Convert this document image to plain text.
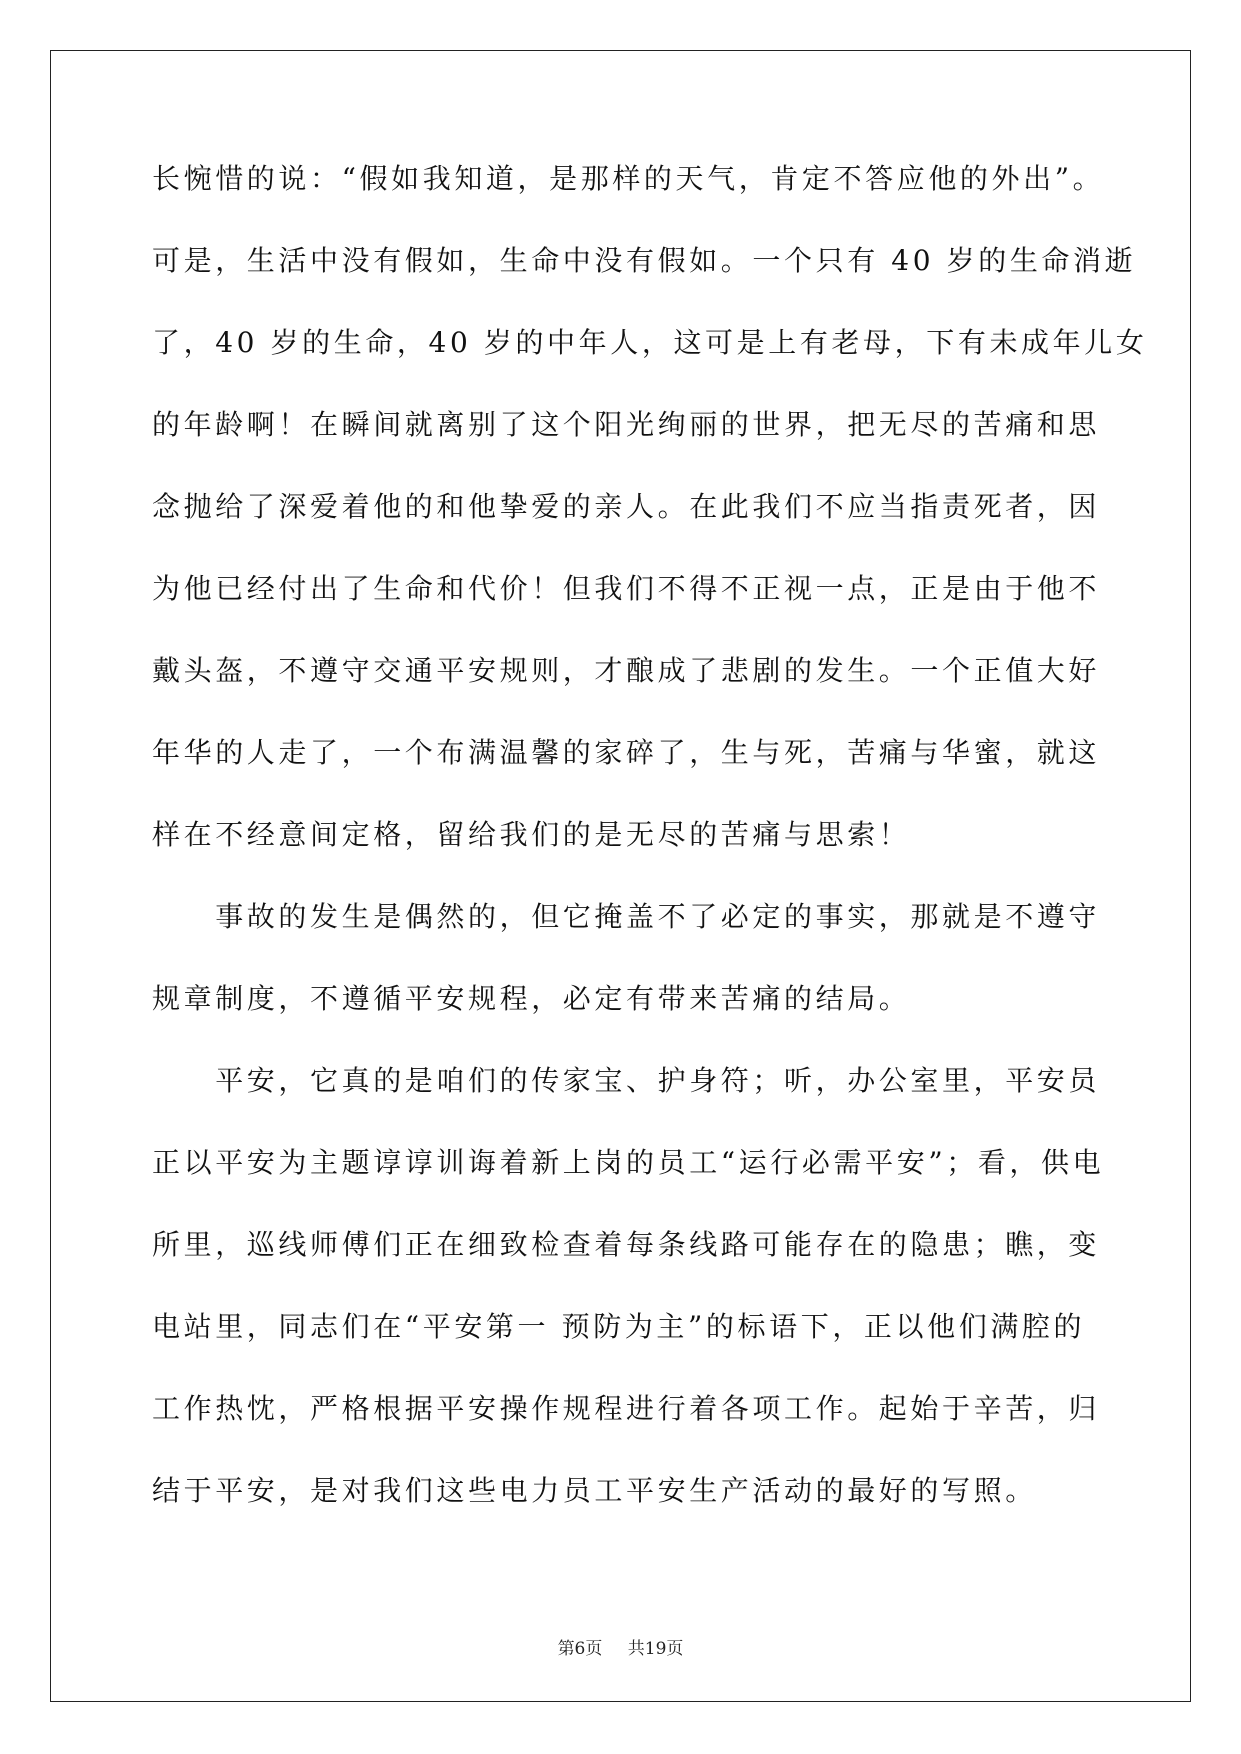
长惋惜的说：“假如我知道，是那样的天气，肯定不答应他的外出”。
可是，生活中没有假如，生命中没有假如。一个只有 40 岁的生命消逝
了，40 岁的生命，40 岁的中年人，这可是上有老母，下有未成年儿女
的年龄啊！在瞬间就离别了这个阳光绚丽的世界，把无尽的苦痛和思
念抛给了深爱着他的和他挚爱的亲人。在此我们不应当指责死者，因
为他已经付出了生命和代价！但我们不得不正视一点，正是由于他不
戴头盔，不遵守交通平安规则，才酿成了悲剧的发生。一个正值大好
年华的人走了，一个布满温馨的家碎了，生与死，苦痛与华蜜，就这
样在不经意间定格，留给我们的是无尽的苦痛与思索！
　　事故的发生是偶然的，但它掩盖不了必定的事实，那就是不遵守
规章制度，不遵循平安规程，必定有带来苦痛的结局。
　　平安，它真的是咱们的传家宝、护身符；听，办公室里，平安员
正以平安为主题谆谆训诲着新上岗的员工“运行必需平安”；看，供电
所里，巡线师傅们正在细致检查着每条线路可能存在的隐患；瞧，变
电站里，同志们在“平安第一 预防为主”的标语下，正以他们满腔的
工作热忱，严格根据平安操作规程进行着各项工作。起始于辛苦，归
结于平安，是对我们这些电力员工平安生产活动的最好的写照。
第6页 共19页
